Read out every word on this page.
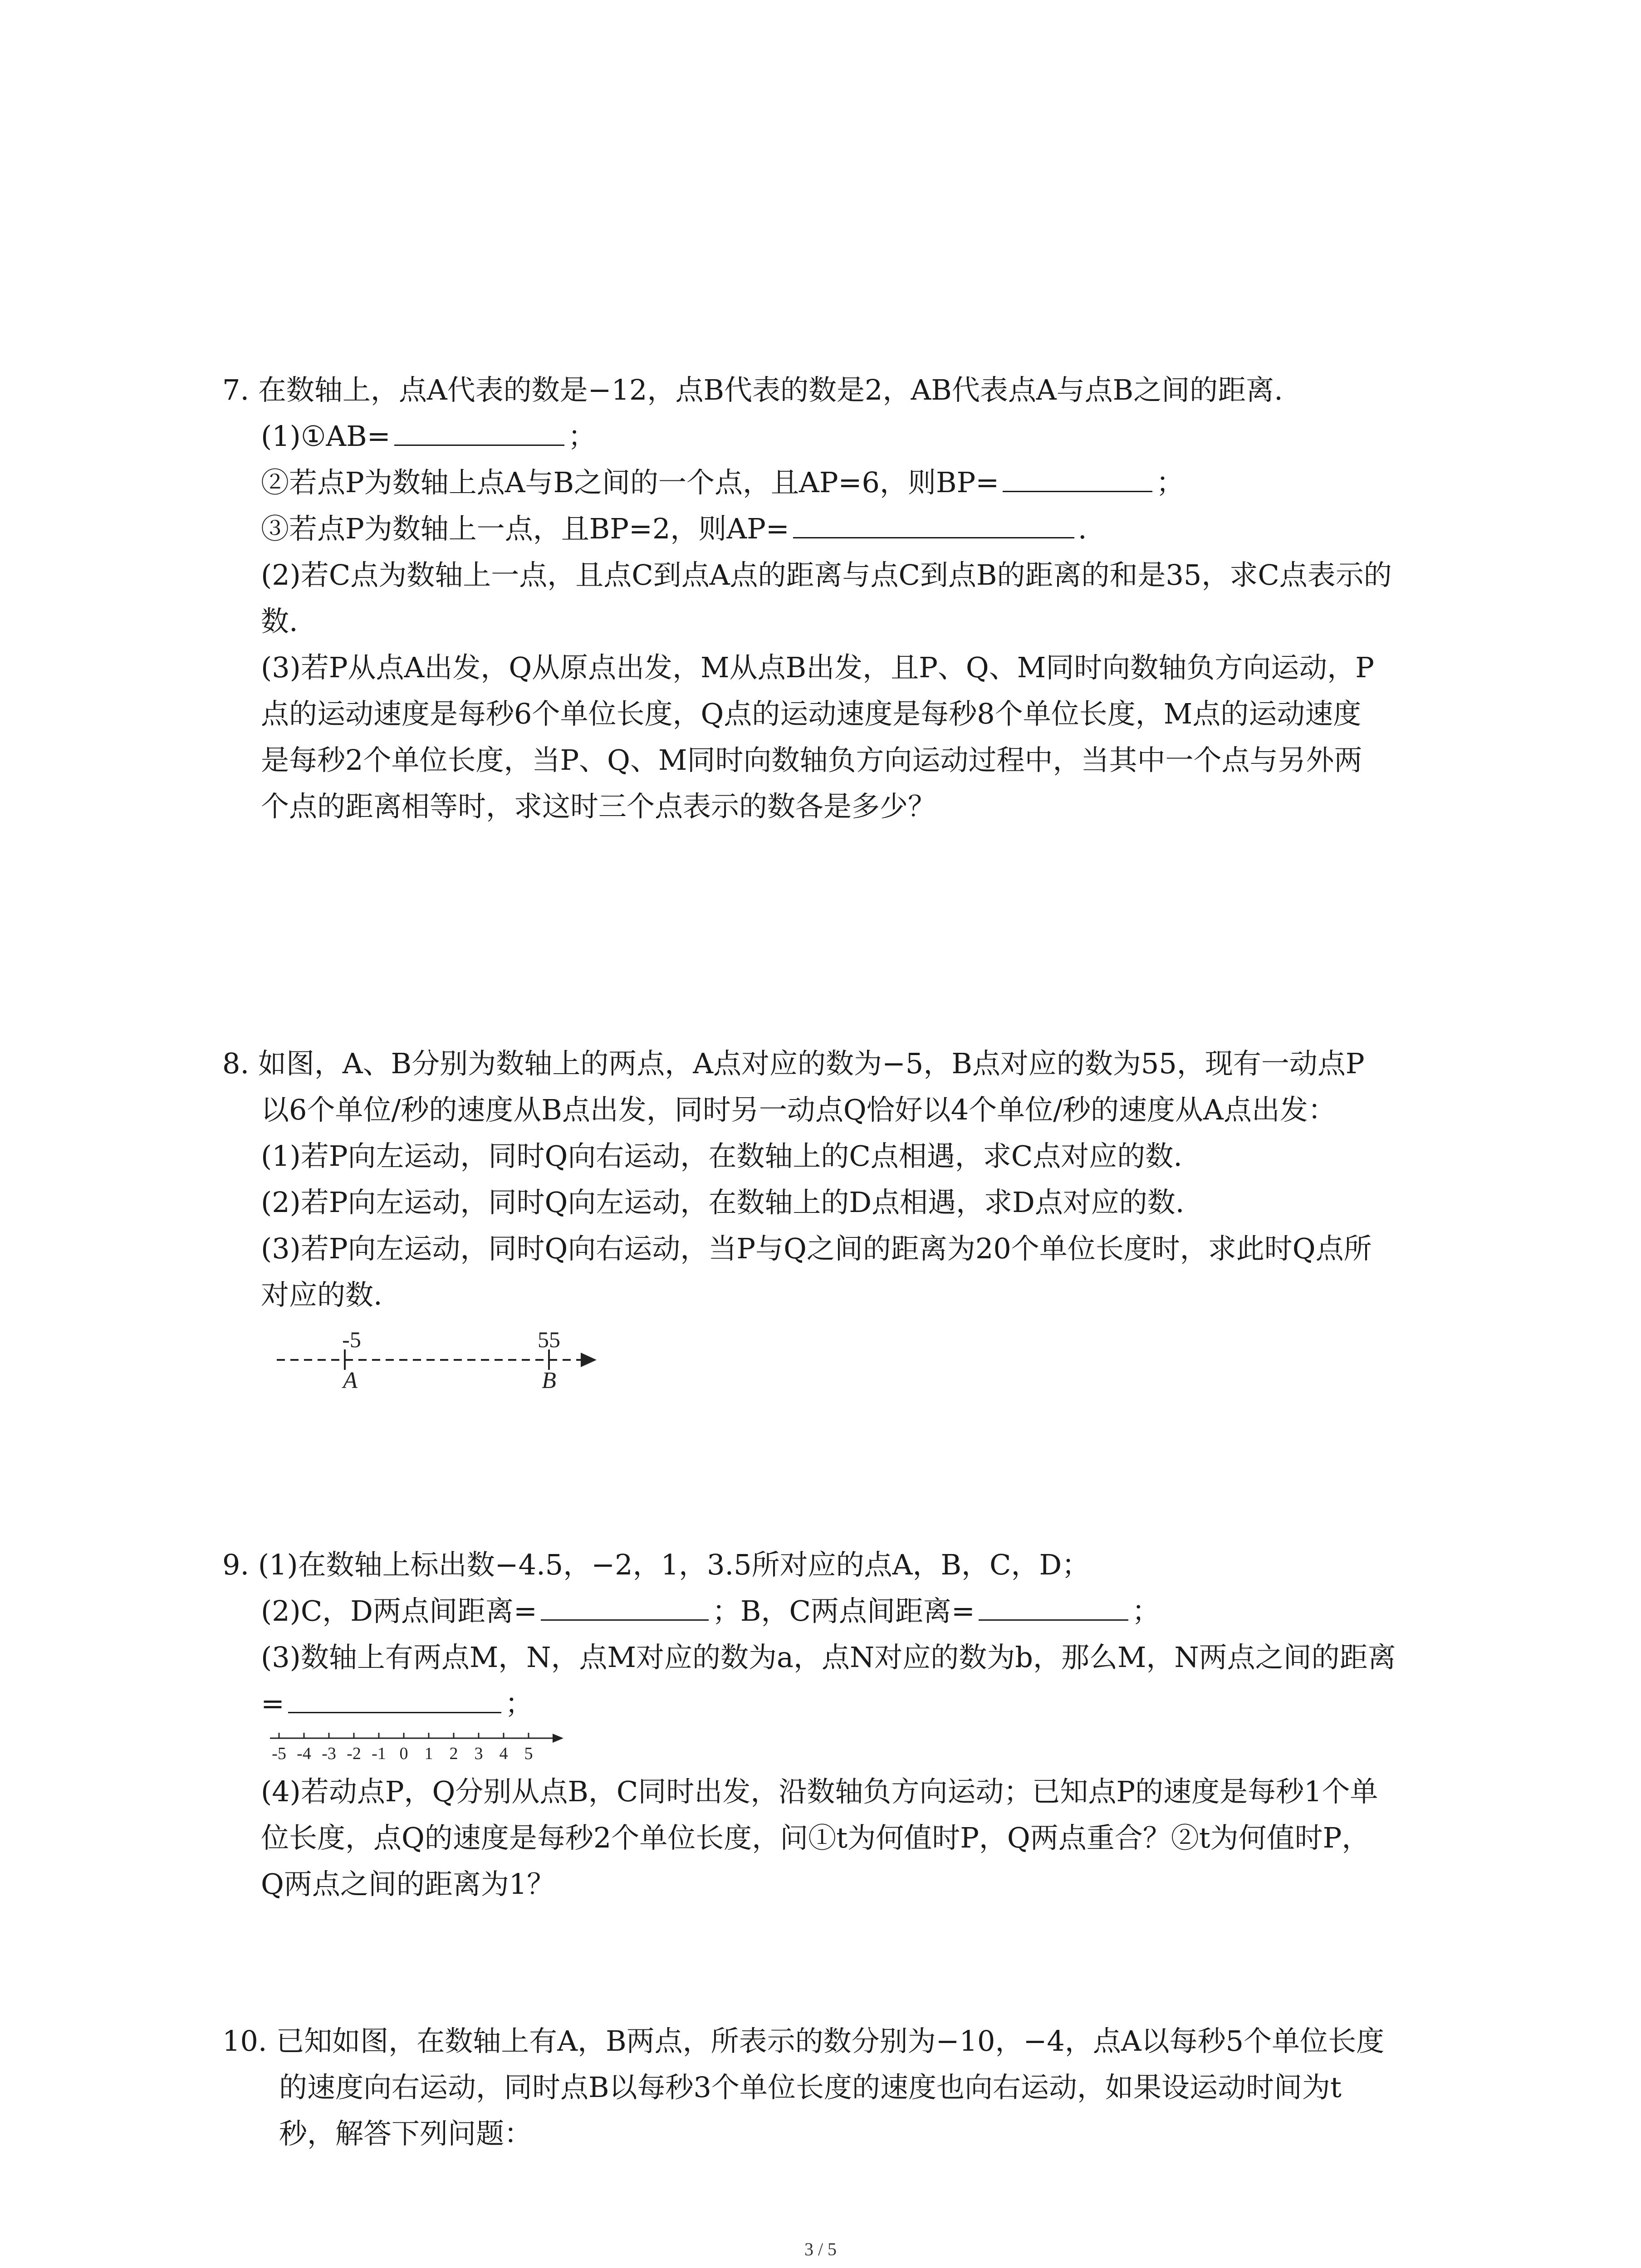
7. 在数轴上，点A代表的数是−12，点B代表的数是2，AB代表点A与点B之间的距离.
(1)①AB=	；
②若点P为数轴上点A与B之间的一个点，且AP=6，则BP=	；
③若点P为数轴上一点，且BP=2，则AP=	.
(2)若C点为数轴上一点，且点C到点A点的距离与点C到点B的距离的和是35，求C点表示的
数.
(3)若P从点A出发，Q从原点出发，M从点B出发，且P、Q、M同时向数轴负方向运动，P
点的运动速度是每秒6个单位长度，Q点的运动速度是每秒8个单位长度，M点的运动速度
是每秒2个单位长度，当P、Q、M同时向数轴负方向运动过程中，当其中一个点与另外两
个点的距离相等时，求这时三个点表示的数各是多少？
8. 如图，A、B分别为数轴上的两点，A点对应的数为−5，B点对应的数为55，现有一动点P
以6个单位/秒的速度从B点出发，同时另一动点Q恰好以4个单位/秒的速度从A点出发：
(1)若P向左运动，同时Q向右运动，在数轴上的C点相遇，求C点对应的数.
(2)若P向左运动，同时Q向左运动，在数轴上的D点相遇，求D点对应的数.
(3)若P向左运动，同时Q向右运动，当P与Q之间的距离为20个单位长度时，求此时Q点所
对应的数.
-5
A
55
B
9. (1)在数轴上标出数−4.5，−2，1，3.5所对应的点A，B，C，D；
(2)C，D两点间距离=	；B，C两点间距离=	；
(3)数轴上有两点M，N，点M对应的数为a，点N对应的数为b，那么M，N两点之间的距离
=	；
-5 -4 -3 -2 -1 0 1 2 3 4 5
(4)若动点P，Q分别从点B，C同时出发，沿数轴负方向运动；已知点P的速度是每秒1个单
位长度，点Q的速度是每秒2个单位长度，问①t为何值时P，Q两点重合？②t为何值时P，
Q两点之间的距离为1？
10. 已知如图，在数轴上有A，B两点，所表示的数分别为−10，−4，点A以每秒5个单位长度
的速度向右运动，同时点B以每秒3个单位长度的速度也向右运动，如果设运动时间为t
秒，解答下列问题：
3 / 5
